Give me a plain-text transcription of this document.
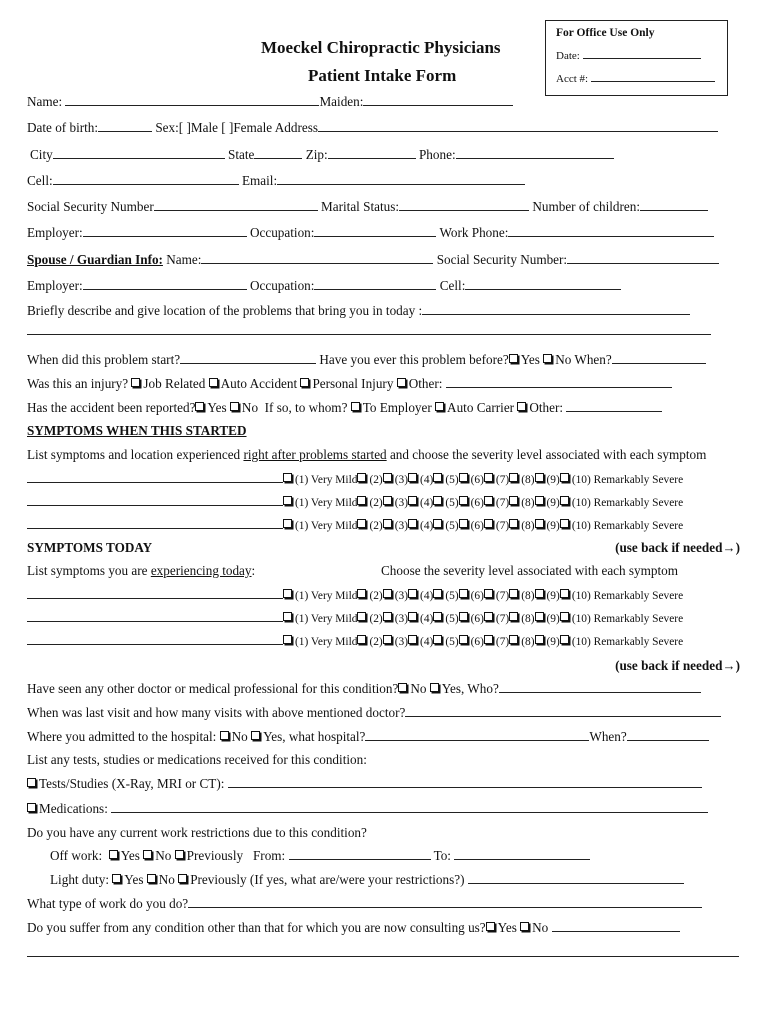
For Office Use Only
Date:
Acct #:
Moeckel Chiropractic Physicians
Patient Intake Form
Name:	Maiden:
Date of birth:	Sex:[ ]Male [ ]Female Address
City	State	Zip:	Phone:
Cell:	Email:
Social Security Number	Marital Status:	Number of children:
Employer:	Occupation:	Work Phone:
Spouse / Guardian Info: Name:	Social Security Number:
Employer:	Occupation:	Cell:
Briefly describe and give location of the problems that bring you in today :
When did this problem start?	Have you ever this problem before? Yes No When?
Was this an injury? Job Related Auto Accident Personal Injury Other:
Has the accident been reported? Yes No If so, to whom? To Employer Auto Carrier Other:
SYMPTOMS WHEN THIS STARTED
List symptoms and location experienced right after problems started and choose the severity level associated with each symptom
(1) Very Mild (2) (3) (4) (5) (6) (7) (8) (9) (10) Remarkably Severe
(1) Very Mild (2) (3) (4) (5) (6) (7) (8) (9) (10) Remarkably Severe
(1) Very Mild (2) (3) (4) (5) (6) (7) (8) (9) (10) Remarkably Severe
SYMPTOMS TODAY	(use back if needed→)
List symptoms you are experiencing today:	Choose the severity level associated with each symptom
(1) Very Mild (2) (3) (4) (5) (6) (7) (8) (9) (10) Remarkably Severe
(1) Very Mild (2) (3) (4) (5) (6) (7) (8) (9) (10) Remarkably Severe
(1) Very Mild (2) (3) (4) (5) (6) (7) (8) (9) (10) Remarkably Severe
(use back if needed→)
Have seen any other doctor or medical professional for this condition? No Yes, Who?
When was last visit and how many visits with above mentioned doctor?
Where you admitted to the hospital: No Yes, what hospital?	When?
List any tests, studies or medications received for this condition:
Tests/Studies (X-Ray, MRI or CT):
Medications:
Do you have any current work restrictions due to this condition?
Off work: Yes No Previously From:	To:
Light duty: Yes No Previously (If yes, what are/were your restrictions?)
What type of work do you do?
Do you suffer from any condition other than that for which you are now consulting us? Yes No
